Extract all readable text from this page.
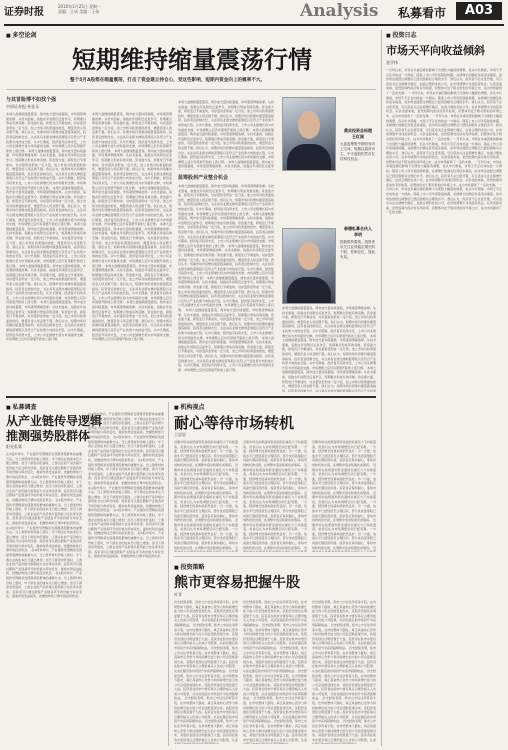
证券时报
2010年1月25日 星期一
责编：王成 美编：王伟	Analysis 私募看市	A03
■ 多空论剑
短期维持缩量震荡行情
整个5月A股都在缩量震荡，打击了资金建立持仓心，受这些影响，短期内资金向上的概率不大。
与其冒险博不如找个强
中国证券报·孙佳乐
本周大盘继续缩量震荡，两市成交量持续萎缩，市场观望情绪浓厚。从技术面看，指数在年线附近反复争夺，短期难以形成有效突破。资金面方面，新股发行节奏加快，对存量资金形成一定分流，加之市场对政策面的担忧，增量资金入场意愿不强。我们认为，短期市场仍将维持缩量震荡格局，投资者宜控制仓位，关注具有业绩支撑的蓝筹股以及符合产业政策方向的成长股。从中长期看，经济复苏趋势未变，上市公司业绩增长将为市场提供支撑，市场调整之后仍有望展开新的上涨行情。 本周大盘继续缩量震荡，两市成交量持续萎缩，市场观望情绪浓厚。从技术面看，指数在年线附近反复争夺，短期难以形成有效突破。资金面方面，新股发行节奏加快，对存量资金形成一定分流，加之市场对政策面的担忧，增量资金入场意愿不强。我们认为，短期市场仍将维持缩量震荡格局，投资者宜控制仓位，关注具有业绩支撑的蓝筹股以及符合产业政策方向的成长股。从中长期看，经济复苏趋势未变，上市公司业绩增长将为市场提供支撑，市场调整之后仍有望展开新的上涨行情。 本周大盘继续缩量震荡，两市成交量持续萎缩，市场观望情绪浓厚。从技术面看，指数在年线附近反复争夺，短期难以形成有效突破。资金面方面，新股发行节奏加快，对存量资金形成一定分流，加之市场对政策面的担忧，增量资金入场意愿不强。我们认为，短期市场仍将维持缩量震荡格局，投资者宜控制仓位，关注具有业绩支撑的蓝筹股以及符合产业政策方向的成长股。从中长期看，经济复苏趋势未变，上市公司业绩增长将为市场提供支撑，市场调整之后仍有望展开新的上涨行情。 本周大盘继续缩量震荡，两市成交量持续萎缩，市场观望情绪浓厚。从技术面看，指数在年线附近反复争夺，短期难以形成有效突破。资金面方面，新股发行节奏加快，对存量资金形成一定分流，加之市场对政策面的担忧，增量资金入场意愿不强。我们认为，短期市场仍将维持缩量震荡格局，投资者宜控制仓位，关注具有业绩支撑的蓝筹股以及符合产业政策方向的成长股。从中长期看，经济复苏趋势未变，上市公司业绩增长将为市场提供支撑，市场调整之后仍有望展开新的上涨行情。 本周大盘继续缩量震荡，两市成交量持续萎缩，市场观望情绪浓厚。从技术面看，指数在年线附近反复争夺，短期难以形成有效突破。资金面方面，新股发行节奏加快，对存量资金形成一定分流，加之市场对政策面的担忧，增量资金入场意愿不强。我们认为，短期市场仍将维持缩量震荡格局，投资者宜控制仓位，关注具有业绩支撑的蓝筹股以及符合产业政策方向的成长股。从中长期看，经济复苏趋势未变，上市公司业绩增长将为市场提供支撑，市场调整之后仍有望展开新的上涨行情。 本周大盘继续缩量震荡，两市成交量持续萎缩，市场观望情绪浓厚。从技术面看，指数在年线附近反复争夺，短期难以形成有效突破。资金面方面，新股发行节奏加快，对存量资金形成一定分流，加之市场对政策面的担忧，增量资金入场意愿不强。我们认为，短期市场仍将维持缩量震荡格局，投资者宜控制仓位，关注具有业绩支撑的蓝筹股以及符合产业政策方向的成长股。从中长期看，经济复苏趋势未变，上市公司业绩增长将为市场提供支撑，市场调整之后仍有望展开新的上涨行情。
本周大盘继续缩量震荡，两市成交量持续萎缩，市场观望情绪浓厚。从技术面看，指数在年线附近反复争夺，短期难以形成有效突破。资金面方面，新股发行节奏加快，对存量资金形成一定分流，加之市场对政策面的担忧，增量资金入场意愿不强。我们认为，短期市场仍将维持缩量震荡格局，投资者宜控制仓位，关注具有业绩支撑的蓝筹股以及符合产业政策方向的成长股。从中长期看，经济复苏趋势未变，上市公司业绩增长将为市场提供支撑，市场调整之后仍有望展开新的上涨行情。 本周大盘继续缩量震荡，两市成交量持续萎缩，市场观望情绪浓厚。从技术面看，指数在年线附近反复争夺，短期难以形成有效突破。资金面方面，新股发行节奏加快，对存量资金形成一定分流，加之市场对政策面的担忧，增量资金入场意愿不强。我们认为，短期市场仍将维持缩量震荡格局，投资者宜控制仓位，关注具有业绩支撑的蓝筹股以及符合产业政策方向的成长股。从中长期看，经济复苏趋势未变，上市公司业绩增长将为市场提供支撑，市场调整之后仍有望展开新的上涨行情。 本周大盘继续缩量震荡，两市成交量持续萎缩，市场观望情绪浓厚。从技术面看，指数在年线附近反复争夺，短期难以形成有效突破。资金面方面，新股发行节奏加快，对存量资金形成一定分流，加之市场对政策面的担忧，增量资金入场意愿不强。我们认为，短期市场仍将维持缩量震荡格局，投资者宜控制仓位，关注具有业绩支撑的蓝筹股以及符合产业政策方向的成长股。从中长期看，经济复苏趋势未变，上市公司业绩增长将为市场提供支撑，市场调整之后仍有望展开新的上涨行情。 本周大盘继续缩量震荡，两市成交量持续萎缩，市场观望情绪浓厚。从技术面看，指数在年线附近反复争夺，短期难以形成有效突破。资金面方面，新股发行节奏加快，对存量资金形成一定分流，加之市场对政策面的担忧，增量资金入场意愿不强。我们认为，短期市场仍将维持缩量震荡格局，投资者宜控制仓位，关注具有业绩支撑的蓝筹股以及符合产业政策方向的成长股。从中长期看，经济复苏趋势未变，上市公司业绩增长将为市场提供支撑，市场调整之后仍有望展开新的上涨行情。 本周大盘继续缩量震荡，两市成交量持续萎缩，市场观望情绪浓厚。从技术面看，指数在年线附近反复争夺，短期难以形成有效突破。资金面方面，新股发行节奏加快，对存量资金形成一定分流，加之市场对政策面的担忧，增量资金入场意愿不强。我们认为，短期市场仍将维持缩量震荡格局，投资者宜控制仓位，关注具有业绩支撑的蓝筹股以及符合产业政策方向的成长股。从中长期看，经济复苏趋势未变，上市公司业绩增长将为市场提供支撑，市场调整之后仍有望展开新的上涨行情。 本周大盘继续缩量震荡，两市成交量持续萎缩，市场观望情绪浓厚。从技术面看，指数在年线附近反复争夺，短期难以形成有效突破。资金面方面，新股发行节奏加快，对存量资金形成一定分流，加之市场对政策面的担忧，增量资金入场意愿不强。我们认为，短期市场仍将维持缩量震荡格局，投资者宜控制仓位，关注具有业绩支撑的蓝筹股以及符合产业政策方向的成长股。从中长期看，经济复苏趋势未变，上市公司业绩增长将为市场提供支撑，市场调整之后仍有望展开新的上涨行情。
蓝筹股到产业整合机会
本周大盘继续缩量震荡，两市成交量持续萎缩，市场观望情绪浓厚。从技术面看，指数在年线附近反复争夺，短期难以形成有效突破。资金面方面，新股发行节奏加快，对存量资金形成一定分流，加之市场对政策面的担忧，增量资金入场意愿不强。我们认为，短期市场仍将维持缩量震荡格局，投资者宜控制仓位，关注具有业绩支撑的蓝筹股以及符合产业政策方向的成长股。从中长期看，经济复苏趋势未变，上市公司业绩增长将为市场提供支撑，市场调整之后仍有望展开新的上涨行情。 本周大盘继续缩量震荡，两市成交量持续萎缩，市场观望情绪浓厚。从技术面看，指数在年线附近反复争夺，短期难以形成有效突破。资金面方面，新股发行节奏加快，对存量资金形成一定分流，加之市场对政策面的担忧，增量资金入场意愿不强。我们认为，短期市场仍将维持缩量震荡格局，投资者宜控制仓位，关注具有业绩支撑的蓝筹股以及符合产业政策方向的成长股。从中长期看，经济复苏趋势未变，上市公司业绩增长将为市场提供支撑，市场调整之后仍有望展开新的上涨行情。 本周大盘继续缩量震荡，两市成交量持续萎缩，市场观望情绪浓厚。从技术面看，指数在年线附近反复争
本周大盘继续缩量震荡，两市成交量持续萎缩，市场观望情绪浓厚。从技术面看，指数在年线附近反复争夺，短期难以形成有效突破。资金面方面，新股发行节奏加快，对存量资金形成一定分流，加之市场对政策面的担忧，增量资金入场意愿不强。我们认为，短期市场仍将维持缩量震荡格局，投资者宜控制仓位，关注具有业绩支撑的蓝筹股以及符合产业政策方向的成长股。从中长期看，经济复苏趋势未变，上市公司业绩增长将为市场提供支撑，市场调整之后仍有望展开新的上涨行情。 本周大盘继续缩量震荡，两市成交量持续萎缩，市场观望情绪浓厚。从技术面看，指数在年线附近反复争夺，短期难以形成有效突破。资金面方面，新股发行节奏加快，对存量资金形成一定分流，加之市场对政策面的担忧，增量资金入场意愿不强。我们认为，短期市场仍将维持缩量震荡格局，投资者宜控制仓位，关注具有业绩支撑的蓝筹股以及符合产业政策方向的成长股。从中长期看，经济复苏趋势未变，上市公司业绩增长将为市场提供支撑，市场调整之后仍有望展开新的上涨行情。 本周大盘继续缩量震荡，两市成交量持续萎缩，市场观望情绪浓厚。从技术面看，指数在年线附近反复争夺，短期难以形成有效突破。资金面方面，新股发行节奏加快，对存量资金形成一定分流，加之市场对政策面的担忧，增量资金入场意愿不强。我们认为，短期市场仍将维持缩量震荡格局，投资者宜控制仓位，关注具有业绩支撑的蓝筹股以及符合产业政策方向的成长股。从中长期看，经济复苏趋势未变，上市公司业绩增长将为市场提供支撑，市场调整之后仍有望展开新的上涨行情。 本周大盘继续缩量震荡，两市成交量持续萎缩，市场观望情绪浓厚。从技术面看，指数在年线附近反复争夺，短期难以形成有效突破。资金面方面，新股发行节奏加快，对存量资金形成一定分流，加之市场对政策面的担忧，增量资金入场意愿不强。我们认为，短期市场仍将维持缩量震荡格局，投资者宜控制仓位，关注具有业绩支撑的蓝筹股以及符合产业政策方向的成长股。从中长期看，经济复苏趋势未变，上市公司业绩增长将为市场提供支撑，市场调整之后仍有望展开新的上涨行情。 本周大盘继续缩量震荡，两市成交量持续萎缩，市场观望情绪浓厚。从技术面看，指数在年线附近反复争夺，短期难以形成有效突破。资金面方面，新股发行节奏加快，对存量资金形成一定分流，加之市场对政策面的担忧，增量资金入场意愿不强。我们认为，短期市场仍将维持缩量震荡格局，投资者宜控制仓位，关注具有业绩支撑的蓝筹股以及符合产业政策方向的成长股。从中长期看，经济复苏趋势未变，上市公司业绩增长将为市场提供支撑，市场调整之后仍有望展开新的上涨行情。 本周大盘继续缩量震荡，两市成交量持续萎缩，市场观望情绪浓厚。从技术面看，指数在年线附近反复争夺，短期难以形成有效突破。资金面方面，新股发行节奏加快，对存量资金形成一定分流，加之市场对政策面的担忧，增量资金入场意愿不强。我们认为，短期市场仍将维持缩量震荡格局，投资者宜控制仓位，关注具有业绩支撑的蓝筹股以及符合产业政策方向的成长股。从中长期看，经济复苏趋势未变，上市公司业绩增长将为市场提供支撑，市场调整之后仍有望展开新的上涨行情。
鼎实投资总经理
王红刚
大盘蓝筹股中期仍有向上空间，短期以震荡为主，中小盘股依然存在结构性机会。
泰德私募合伙人
李明
指数维持震荡，投资者应关注业绩稳定增长的个股，控制仓位，逢低布局。
本周大盘继续缩量震荡，两市成交量持续萎缩，市场观望情绪浓厚。从技术面看，指数在年线附近反复争夺，短期难以形成有效突破。资金面方面，新股发行节奏加快，对存量资金形成一定分流，加之市场对政策面的担忧，增量资金入场意愿不强。我们认为，短期市场仍将维持缩量震荡格局，投资者宜控制仓位，关注具有业绩支撑的蓝筹股以及符合产业政策方向的成长股。从中长期看，经济复苏趋势未变，上市公司业绩增长将为市场提供支撑，市场调整之后仍有望展开新的上涨行情。 本周大盘继续缩量震荡，两市成交量持续萎缩，市场观望情绪浓厚。从技术面看，指数在年线附近反复争夺，短期难以形成有效突破。资金面方面，新股发行节奏加快，对存量资金形成一定分流，加之市场对政策面的担忧，增量资金入场意愿不强。我们认为，短期市场仍将维持缩量震荡格局，投资者宜控制仓位，关注具有业绩支撑的蓝筹股以及符合产业政策方向的成长股。从中长期看，经济复苏趋势未变，上市公司业绩增长将为市场提供支撑，市场调整之后仍有望展开新的上涨行情。 本周大盘继续缩量震荡，两市成交量持续萎缩，市场观望情绪浓厚。从技术面看，指数在年线附近反复争夺，短期难以形成有效突破。资金面方面，新股发行节奏加快，对存量资金形成一定分流，加之市场对政策面的担忧，增量资金入场意愿不强。我们认为，短期市场仍将维持缩量震荡格局，投资者宜控制仓位，关注具有业绩支撑的蓝筹股以及符合产业政策
■ 私募调查
从产业链传导逻辑
推测强势股群体
阳光私募
在A股市场中，产业链传导逻辑是发现强势股群体的重要方法。当上游原材料价格上涨时，中下游企业的成本压力随之增加；而当下游需求旺盛时，上游企业的产品价格与盈利能力往往率先改善。投资者可以通过跟踪产业链各环节的价格与库存变化，提前布局受益板块，把握结构性行情中的投资机会。 在A股市场中，产业链传导逻辑是发现强势股群体的重要方法。当上游原材料价格上涨时，中下游企业的成本压力随之增加；而当下游需求旺盛时，上游企业的产品价格与盈利能力往往率先改善。投资者可以通过跟踪产业链各环节的价格与库存变化，提前布局受益板块，把握结构性行情中的投资机会。 在A股市场中，产业链传导逻辑是发现强势股群体的重要方法。当上游原材料价格上涨时，中下游企业的成本压力随之增加；而当下游需求旺盛时，上游企业的产品价格与盈利能力往往率先改善。投资者可以通过跟踪产业链各环节的价格与库存变化，提前布局受益板块，把握结构性行情中的投资机会。 在A股市场中，产业链传导逻辑是发现强势股群体的重要方法。当上游原材料价格上涨时，中下游企业的成本压力随之增加；而当下游需求旺盛时，上游企业的产品价格与盈利能力往往率先改善。投资者可以通过跟踪产业链各环节的价格与库存变化，提前布局受益板块，把握结构性行情中的投资机会。 在A股市场中，产业链传导逻辑是发现强势股群体的重要方法。当上游原材料价格上涨时，中下游企业的成本压力随之增加；而当下游需求旺盛时，上游企业的产品价格与盈利能力往往率先改善。投资者可以通过跟踪产业链各环节的价格与库存变化，提前布局受益板块，把握结构性行情中的投资机会。 在A股市场中，产业链传导逻辑是发现强势股群体的重要方法。当上游原材料价格上涨时，中下游企业的成本压力随之增加；而当下游需求旺盛时，上游企业的产品价格与盈利能力往往率先改善。投资者可以通过跟踪产业链各环节的价格与库存变化，提前布局受益板块，把握结构性行情中的投资机会。
在A股市场中，产业链传导逻辑是发现强势股群体的重要方法。当上游原材料价格上涨时，中下游企业的成本压力随之增加；而当下游需求旺盛时，上游企业的产品价格与盈利能力往往率先改善。投资者可以通过跟踪产业链各环节的价格与库存变化，提前布局受益板块，把握结构性行情中的投资机会。 在A股市场中，产业链传导逻辑是发现强势股群体的重要方法。当上游原材料价格上涨时，中下游企业的成本压力随之增加；而当下游需求旺盛时，上游企业的产品价格与盈利能力往往率先改善。投资者可以通过跟踪产业链各环节的价格与库存变化，提前布局受益板块，把握结构性行情中的投资机会。 在A股市场中，产业链传导逻辑是发现强势股群体的重要方法。当上游原材料价格上涨时，中下游企业的成本压力随之增加；而当下游需求旺盛时，上游企业的产品价格与盈利能力往往率先改善。投资者可以通过跟踪产业链各环节的价格与库存变化，提前布局受益板块，把握结构性行情中的投资机会。 在A股市场中，产业链传导逻辑是发现强势股群体的重要方法。当上游原材料价格上涨时，中下游企业的成本压力随之增加；而当下游需求旺盛时，上游企业的产品价格与盈利能力往往率先改善。投资者可以通过跟踪产业链各环节的价格与库存变化，提前布局受益板块，把握结构性行情中的投资机会。 在A股市场中，产业链传导逻辑是发现强势股群体的重要方法。当上游原材料价格上涨时，中下游企业的成本压力随之增加；而当下游需求旺盛时，上游企业的产品价格与盈利能力往往率先改善。投资者可以通过跟踪产业链各环节的价格与库存变化，提前布局受益板块，把握结构性行情中的投资机会。 在A股市场中，产业链传导逻辑是发现强势股群体的重要方法。当上游原材料价格上涨时，中下游企业的成本压力随之增加；而当下游需求旺盛时，上游企业的产品价格与盈利能力往往率先改善。投资者可以通过跟踪产业链各环节的价格与库存变化，提前布局受益板块，把握结构性行情中的投资机会。
■ 机构视点
耐心等待市场转机
王思思
近期市场在政策面和资金面的双重压力下持续震荡，但我们认为市场调整空间已经有限。一方面，经济增长的基本面依然良好；另一方面，估值水平已经回落至合理区间，部分优质蓝筹股已具备长期投资价值。投资者应保持耐心，等待市场转机的出现，在调整中逐步积累优质筹码。 近期市场在政策面和资金面的双重压力下持续震荡，但我们认为市场调整空间已经有限。一方面，经济增长的基本面依然良好；另一方面，估值水平已经回落至合理区间，部分优质蓝筹股已具备长期投资价值。投资者应保持耐心，等待市场转机的出现，在调整中逐步积累优质筹码。 近期市场在政策面和资金面的双重压力下持续震荡，但我们认为市场调整空间已经有限。一方面，经济增长的基本面依然良好；另一方面，估值水平已经回落至合理区间，部分优质蓝筹股已具备长期投资价值。投资者应保持耐心，等待市场转机的出现，在调整中逐步积累优质筹码。 近期市场在政策面和资金面的双重压力下持续震荡，但我们认为市场调整空间已经有限。一方面，经济增长的基本面依然良好；另一方面，估值水平已经回落至合理区间，部分优质蓝筹股已具备长期投资价值。投资者应保持耐心，等待市场转机的出现，在调整中逐步积累优质筹码。 近
近期市场在政策面和资金面的双重压力下持续震荡，但我们认为市场调整空间已经有限。一方面，经济增长的基本面依然良好；另一方面，估值水平已经回落至合理区间，部分优质蓝筹股已具备长期投资价值。投资者应保持耐心，等待市场转机的出现，在调整中逐步积累优质筹码。 近期市场在政策面和资金面的双重压力下持续震荡，但我们认为市场调整空间已经有限。一方面，经济增长的基本面依然良好；另一方面，估值水平已经回落至合理区间，部分优质蓝筹股已具备长期投资价值。投资者应保持耐心，等待市场转机的出现，在调整中逐步积累优质筹码。 近期市场在政策面和资金面的双重压力下持续震荡，但我们认为市场调整空间已经有限。一方面，经济增长的基本面依然良好；另一方面，估值水平已经回落至合理区间，部分优质蓝筹股已具备长期投资价值。投资者应保持耐心，等待市场转机的出现，在调整中逐步积累优质筹码。 近期市场在政策面和资金面的双重压力下持续震荡，但我们认为市场调整空间已经有限。一方面，经济增长的基本面依然良好；另一方面，估值水平已经回落至合理区间，部分优质蓝筹股已具备长期投资价值。投资者应保持耐心，等待市场转机的出现，在调整中逐步积累优质筹码。 近
近期市场在政策面和资金面的双重压力下持续震荡，但我们认为市场调整空间已经有限。一方面，经济增长的基本面依然良好；另一方面，估值水平已经回落至合理区间，部分优质蓝筹股已具备长期投资价值。投资者应保持耐心，等待市场转机的出现，在调整中逐步积累优质筹码。 近期市场在政策面和资金面的双重压力下持续震荡，但我们认为市场调整空间已经有限。一方面，经济增长的基本面依然良好；另一方面，估值水平已经回落至合理区间，部分优质蓝筹股已具备长期投资价值。投资者应保持耐心，等待市场转机的出现，在调整中逐步积累优质筹码。 近期市场在政策面和资金面的双重压力下持续震荡，但我们认为市场调整空间已经有限。一方面，经济增长的基本面依然良好；另一方面，估值水平已经回落至合理区间，部分优质蓝筹股已具备长期投资价值。投资者应保持耐心，等待市场转机的出现，在调整中逐步积累优质筹码。 近期市场在政策面和资金面的双重压力下持续震荡，但我们认为市场调整空间已经有限。一方面，经济增长的基本面依然良好；另一方面，估值水平已经回落至合理区间，部分优质蓝筹股已具备长期投资价值。投资者应保持耐心，等待市场转机的出现，在调整中逐步积累优质筹码。 近
■ 投资策略
熊市更容易把握牛股
叶青
历史经验表明，熊市之中往往孕育着牛股。在市场整体下跌时，真正具备核心竞争力和持续增长能力的公司会逐渐显现出来，其股价表现往往明显强于大盘。投资者在熊市中更容易以合理价格买入优质公司股票，从而在随后的市场回升中获得超额收益。 历史经验表明，熊市之中往往孕育着牛股。在市场整体下跌时，真正具备核心竞争力和持续增长能力的公司会逐渐显现出来，其股价表现往往明显强于大盘。投资者在熊市中更容易以合理价格买入优质公司股票，从而在随后的市场回升中获得超额收益。 历史经验表明，熊市之中往往孕育着牛股。在市场整体下跌时，真正具备核心竞争力和持续增长能力的公司会逐渐显现出来，其股价表现往往明显强于大盘。投资者在熊市中更容易以合理价格买入优质公司股票，从而在随后的市场回升中获得超额收益。 历史经验表明，熊市之中往往孕育着牛股。在市场整体下跌时，真正具备核心竞争力和持续增长能力的公司会逐渐显现出来，其股价表现往往明显强于大盘。投资者在熊市中更容易以合理价格买入优质公司股票，从而在随后的市场回升中获得超额收益。 历史经验表明，熊市之中往往孕育着牛股。在市场整体下跌时，真正具备核心竞争力和持续增长能力的公司会逐渐显现出来，其股价表现往往明显强于大盘。投资者在熊市中更容易以合理价格买入优质公司股票，从而在随后的市场回升中获得超额收益。 历史经验表明，熊市之中往往孕育着牛股。在市场整体下跌时，真正具备核心竞争力和持续增长能力的公司会逐渐显现出来，其股价表现往往明显强于大盘。投资者在熊市中更容易以合理价格买入优质公司股票，从而
历史经验表明，熊市之中往往孕育着牛股。在市场整体下跌时，真正具备核心竞争力和持续增长能力的公司会逐渐显现出来，其股价表现往往明显强于大盘。投资者在熊市中更容易以合理价格买入优质公司股票，从而在随后的市场回升中获得超额收益。 历史经验表明，熊市之中往往孕育着牛股。在市场整体下跌时，真正具备核心竞争力和持续增长能力的公司会逐渐显现出来，其股价表现往往明显强于大盘。投资者在熊市中更容易以合理价格买入优质公司股票，从而在随后的市场回升中获得超额收益。 历史经验表明，熊市之中往往孕育着牛股。在市场整体下跌时，真正具备核心竞争力和持续增长能力的公司会逐渐显现出来，其股价表现往往明显强于大盘。投资者在熊市中更容易以合理价格买入优质公司股票，从而在随后的市场回升中获得超额收益。 历史经验表明，熊市之中往往孕育着牛股。在市场整体下跌时，真正具备核心竞争力和持续增长能力的公司会逐渐显现出来，其股价表现往往明显强于大盘。投资者在熊市中更容易以合理价格买入优质公司股票，从而在随后的市场回升中获得超额收益。 历史经验表明，熊市之中往往孕育着牛股。在市场整体下跌时，真正具备核心竞争力和持续增长能力的公司会逐渐显现出来，其股价表现往往明显强于大盘。投资者在熊市中更容易以合理价格买入优质公司股票，从而在随后的市场回升中获得超额收益。 历史经验表明，熊市之中往往孕育着牛股。在市场整体下跌时，真正具备核心竞争力和持续增长能力的公司会逐渐显现出来，其股价表现往往明显强于大盘。投资者在熊市中更容易以合理价格买入优质公司股票，从而
历史经验表明，熊市之中往往孕育着牛股。在市场整体下跌时，真正具备核心竞争力和持续增长能力的公司会逐渐显现出来，其股价表现往往明显强于大盘。投资者在熊市中更容易以合理价格买入优质公司股票，从而在随后的市场回升中获得超额收益。 历史经验表明，熊市之中往往孕育着牛股。在市场整体下跌时，真正具备核心竞争力和持续增长能力的公司会逐渐显现出来，其股价表现往往明显强于大盘。投资者在熊市中更容易以合理价格买入优质公司股票，从而在随后的市场回升中获得超额收益。 历史经验表明，熊市之中往往孕育着牛股。在市场整体下跌时，真正具备核心竞争力和持续增长能力的公司会逐渐显现出来，其股价表现往往明显强于大盘。投资者在熊市中更容易以合理价格买入优质公司股票，从而在随后的市场回升中获得超额收益。 历史经验表明，熊市之中往往孕育着牛股。在市场整体下跌时，真正具备核心竞争力和持续增长能力的公司会逐渐显现出来，其股价表现往往明显强于大盘。投资者在熊市中更容易以合理价格买入优质公司股票，从而在随后的市场回升中获得超额收益。 历史经验表明，熊市之中往往孕育着牛股。在市场整体下跌时，真正具备核心竞争力和持续增长能力的公司会逐渐显现出来，其股价表现往往明显强于大盘。投资者在熊市中更容易以合理价格买入优质公司股票，从而在随后的市场回升中获得超额收益。 历史经验表明，熊市之中往往孕育着牛股。在市场整体下跌时，真正具备核心竞争力和持续增长能力的公司会逐渐显现出来，其股价表现往往明显强于大盘。投资者在熊市中更容易以合理价格买入优质公司股票，从而
■ 投资日志
市场天平向收益倾斜
金学伟
一月份以来，市场在多重因素的影响下出现较大幅度的调整，但从中长期看，市场天平正在向收益一方倾斜。随着上市公司年报陆续披露，业绩增长的确定性将逐步提高，而市场估值经过调整后已经回到相对合理的水平。我们认为，投资者不必过度悲观，可以逐步关注业绩增长确定、估值合理的优质公司，在市场调整中寻找投资机会。从资金面来看，虽然短期内流动性有所收紧，但整体仍处于相对宽松的环境之中，这为市场提供了一定的支撑。 一月份以来，市场在多重因素的影响下出现较大幅度的调整，但从中长期看，市场天平正在向收益一方倾斜。随着上市公司年报陆续披露，业绩增长的确定性将逐步提高，而市场估值经过调整后已经回到相对合理的水平。我们认为，投资者不必过度悲观，可以逐步关注业绩增长确定、估值合理的优质公司，在市场调整中寻找投资机会。从资金面来看，虽然短期内流动性有所收紧，但整体仍处于相对宽松的环境之中，这为市场提供了一定的支撑。 一月份以来，市场在多重因素的影响下出现较大幅度的调整，但从中长期看，市场天平正在向收益一方倾斜。随着上市公司年报陆续披露，业绩增长的确定性将逐步提高，而市场估值经过调整后已经回到相对合理的水平。我们认为，投资者不必过度悲观，可以逐步关注业绩增长确定、估值合理的优质公司，在市场调整中寻找投资机会。从资金面来看，虽然短期内流动性有所收紧，但整体仍处于相对宽松的环境之中，这为市场提供了一定的支撑。 一月份以来，市场在多重因素的影响下出现较大幅度的调整，但从中长期看，市场天平正在向收益一方倾斜。随着上市公司年报陆续披露，业绩增长的确定性将逐步提高，而市场估值经过调整后已经回到相对合理的水平。我们认为，投资者不必过度悲观，可以逐步关注业绩增长确定、估值合理的优质公司，在市场调整中寻找投资机会。从资金面来看，虽然短期内流动性有所收紧，但整体仍处于相对宽松的环境之中，这为市场提供了一定的支撑。 一月份以来，市场在多重因素的影响下出现较大幅度的调整，但从中长期看，市场天平正在向收益一方倾斜。随着上市公司年报陆续披露，业绩增长的确定性将逐步提高，而市场估值经过调整后已经回到相对合理的水平。我们认为，投资者不必过度悲观，可以逐步关注业绩增长确定、估值合理的优质公司，在市场调整中寻找投资机会。从资金面来看，虽然短期内流动性有所收紧，但整体仍处于相对宽松的环境之中，这为市场提供了一定的支撑。 一月份以来，市场在多重因素的影响下出现较大幅度的调整，但从中长期看，市场天平正在向收益一方倾斜。随着上市公司年报陆续披露，业绩增长的确定性将逐步提高，而市场估值经过调整后已经回到相对合理的水平。我们认为，投资者不必过度悲观，可以逐步关注业绩增长确定、估值合理的优质公司，在市场调整中寻找投资机会。从资金面来看，虽然短期内流动性有所收紧，但整体仍处于相对宽松的环境之中，这为市场提供了一定的支撑。
